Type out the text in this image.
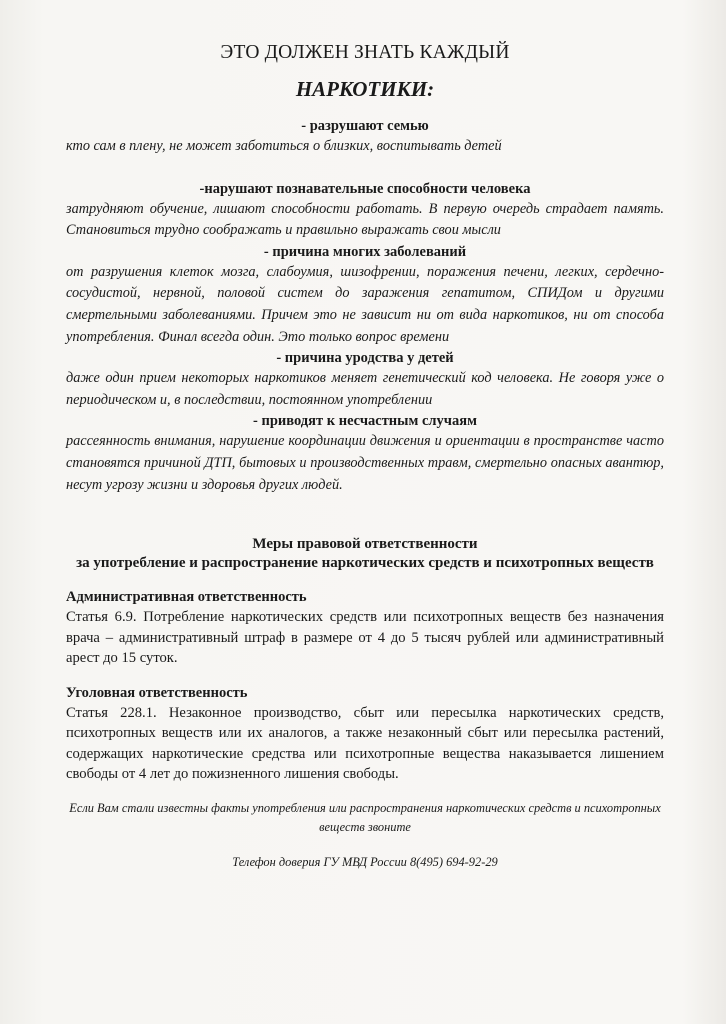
ЭТО ДОЛЖЕН ЗНАТЬ КАЖДЫЙ
НАРКОТИКИ:

- разрушают семью

кто сам в плену, не может заботиться о близких, воспитывать детей

-нарушают познавательные способности человека

затрудняют обучение, лишают способности работать. В первую очередь страдает память. Становиться трудно соображать и правильно выражать свои мысли

- причина многих заболеваний

от разрушения клеток мозга, слабоумия, шизофрении, поражения печени, легких, сердечно-сосудистой, нервной, половой систем до заражения гепатитом, СПИДом и другими смертельными заболеваниями. Причем это не зависит ни от вида наркотиков, ни от способа употребления. Финал всегда один. Это только вопрос времени

- причина уродства у детей

даже один прием некоторых наркотиков меняет генетический код человека. Не говоря уже о периодическом и, в последствии, постоянном употреблении

- приводят к несчастным случаям

рассеянность внимания, нарушение координации движения и ориентации в пространстве часто становятся причиной ДТП, бытовых и производственных травм, смертельно опасных авантюр, несут угрозу жизни и здоровья других людей.

Меры правовой ответственности

за употребление и распространение наркотических средств и психотропных веществ

Административная ответственность

Статья 6.9. Потребление наркотических средств или психотропных веществ без назначения врача – административный штраф в размере от 4 до 5 тысяч рублей или административный арест до 15 суток.

Уголовная ответственность

Статья 228.1. Незаконное производство, сбыт или пересылка наркотических средств, психотропных веществ или их аналогов, а также незаконный сбыт или пересылка растений, содержащих наркотические средства или психотропные вещества наказывается лишением свободы от 4 лет до пожизненного лишения свободы.

Если Вам стали известны факты употребления или распространения наркотических средств и психотропных веществ звоните

Телефон доверия ГУ МВД России 8(495) 694-92-29
